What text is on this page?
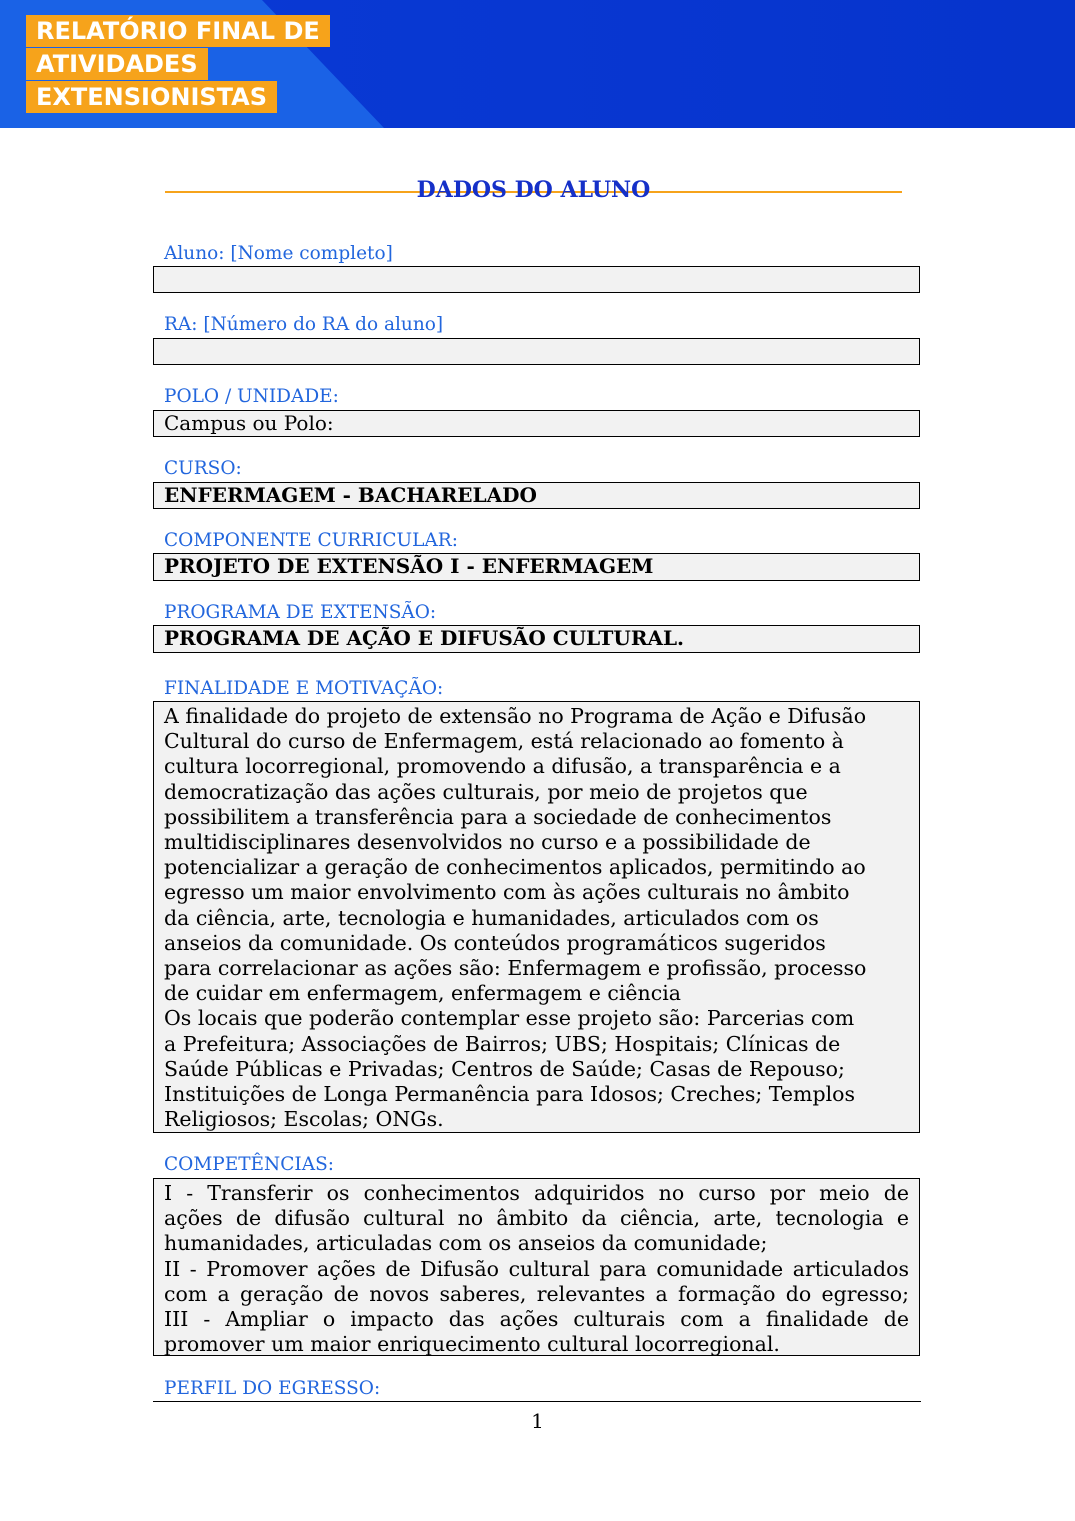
RELATÓRIO FINAL DE
ATIVIDADES
EXTENSIONISTAS
DADOS DO ALUNO
Aluno: [Nome completo]
RA: [Número do RA do aluno]
POLO / UNIDADE:
Campus ou Polo:
CURSO:
ENFERMAGEM - BACHARELADO
COMPONENTE CURRICULAR:
PROJETO DE EXTENSÃO I - ENFERMAGEM
PROGRAMA DE EXTENSÃO:
PROGRAMA DE AÇÃO E DIFUSÃO CULTURAL.
FINALIDADE E MOTIVAÇÃO:
A finalidade do projeto de extensão no Programa de Ação e Difusão
Cultural do curso de Enfermagem, está relacionado ao fomento à
cultura locorregional, promovendo a difusão, a transparência e a
democratização das ações culturais, por meio de projetos que
possibilitem a transferência para a sociedade de conhecimentos
multidisciplinares desenvolvidos no curso e a possibilidade de
potencializar a geração de conhecimentos aplicados, permitindo ao
egresso um maior envolvimento com às ações culturais no âmbito
da ciência, arte, tecnologia e humanidades, articulados com os
anseios da comunidade. Os conteúdos programáticos sugeridos
para correlacionar as ações são: Enfermagem e profissão, processo
de cuidar em enfermagem, enfermagem e ciência
Os locais que poderão contemplar esse projeto são: Parcerias com
a Prefeitura; Associações de Bairros; UBS; Hospitais; Clínicas de
Saúde Públicas e Privadas; Centros de Saúde; Casas de Repouso;
Instituições de Longa Permanência para Idosos; Creches; Templos
Religiosos; Escolas; ONGs.
COMPETÊNCIAS:
I - Transferir os conhecimentos adquiridos no curso por meio de
ações de difusão cultural no âmbito da ciência, arte, tecnologia e
humanidades, articuladas com os anseios da comunidade;
II - Promover ações de Difusão cultural para comunidade articulados
com a geração de novos saberes, relevantes a formação do egresso;
III - Ampliar o impacto das ações culturais com a finalidade de
promover um maior enriquecimento cultural locorregional.
PERFIL DO EGRESSO:
1
